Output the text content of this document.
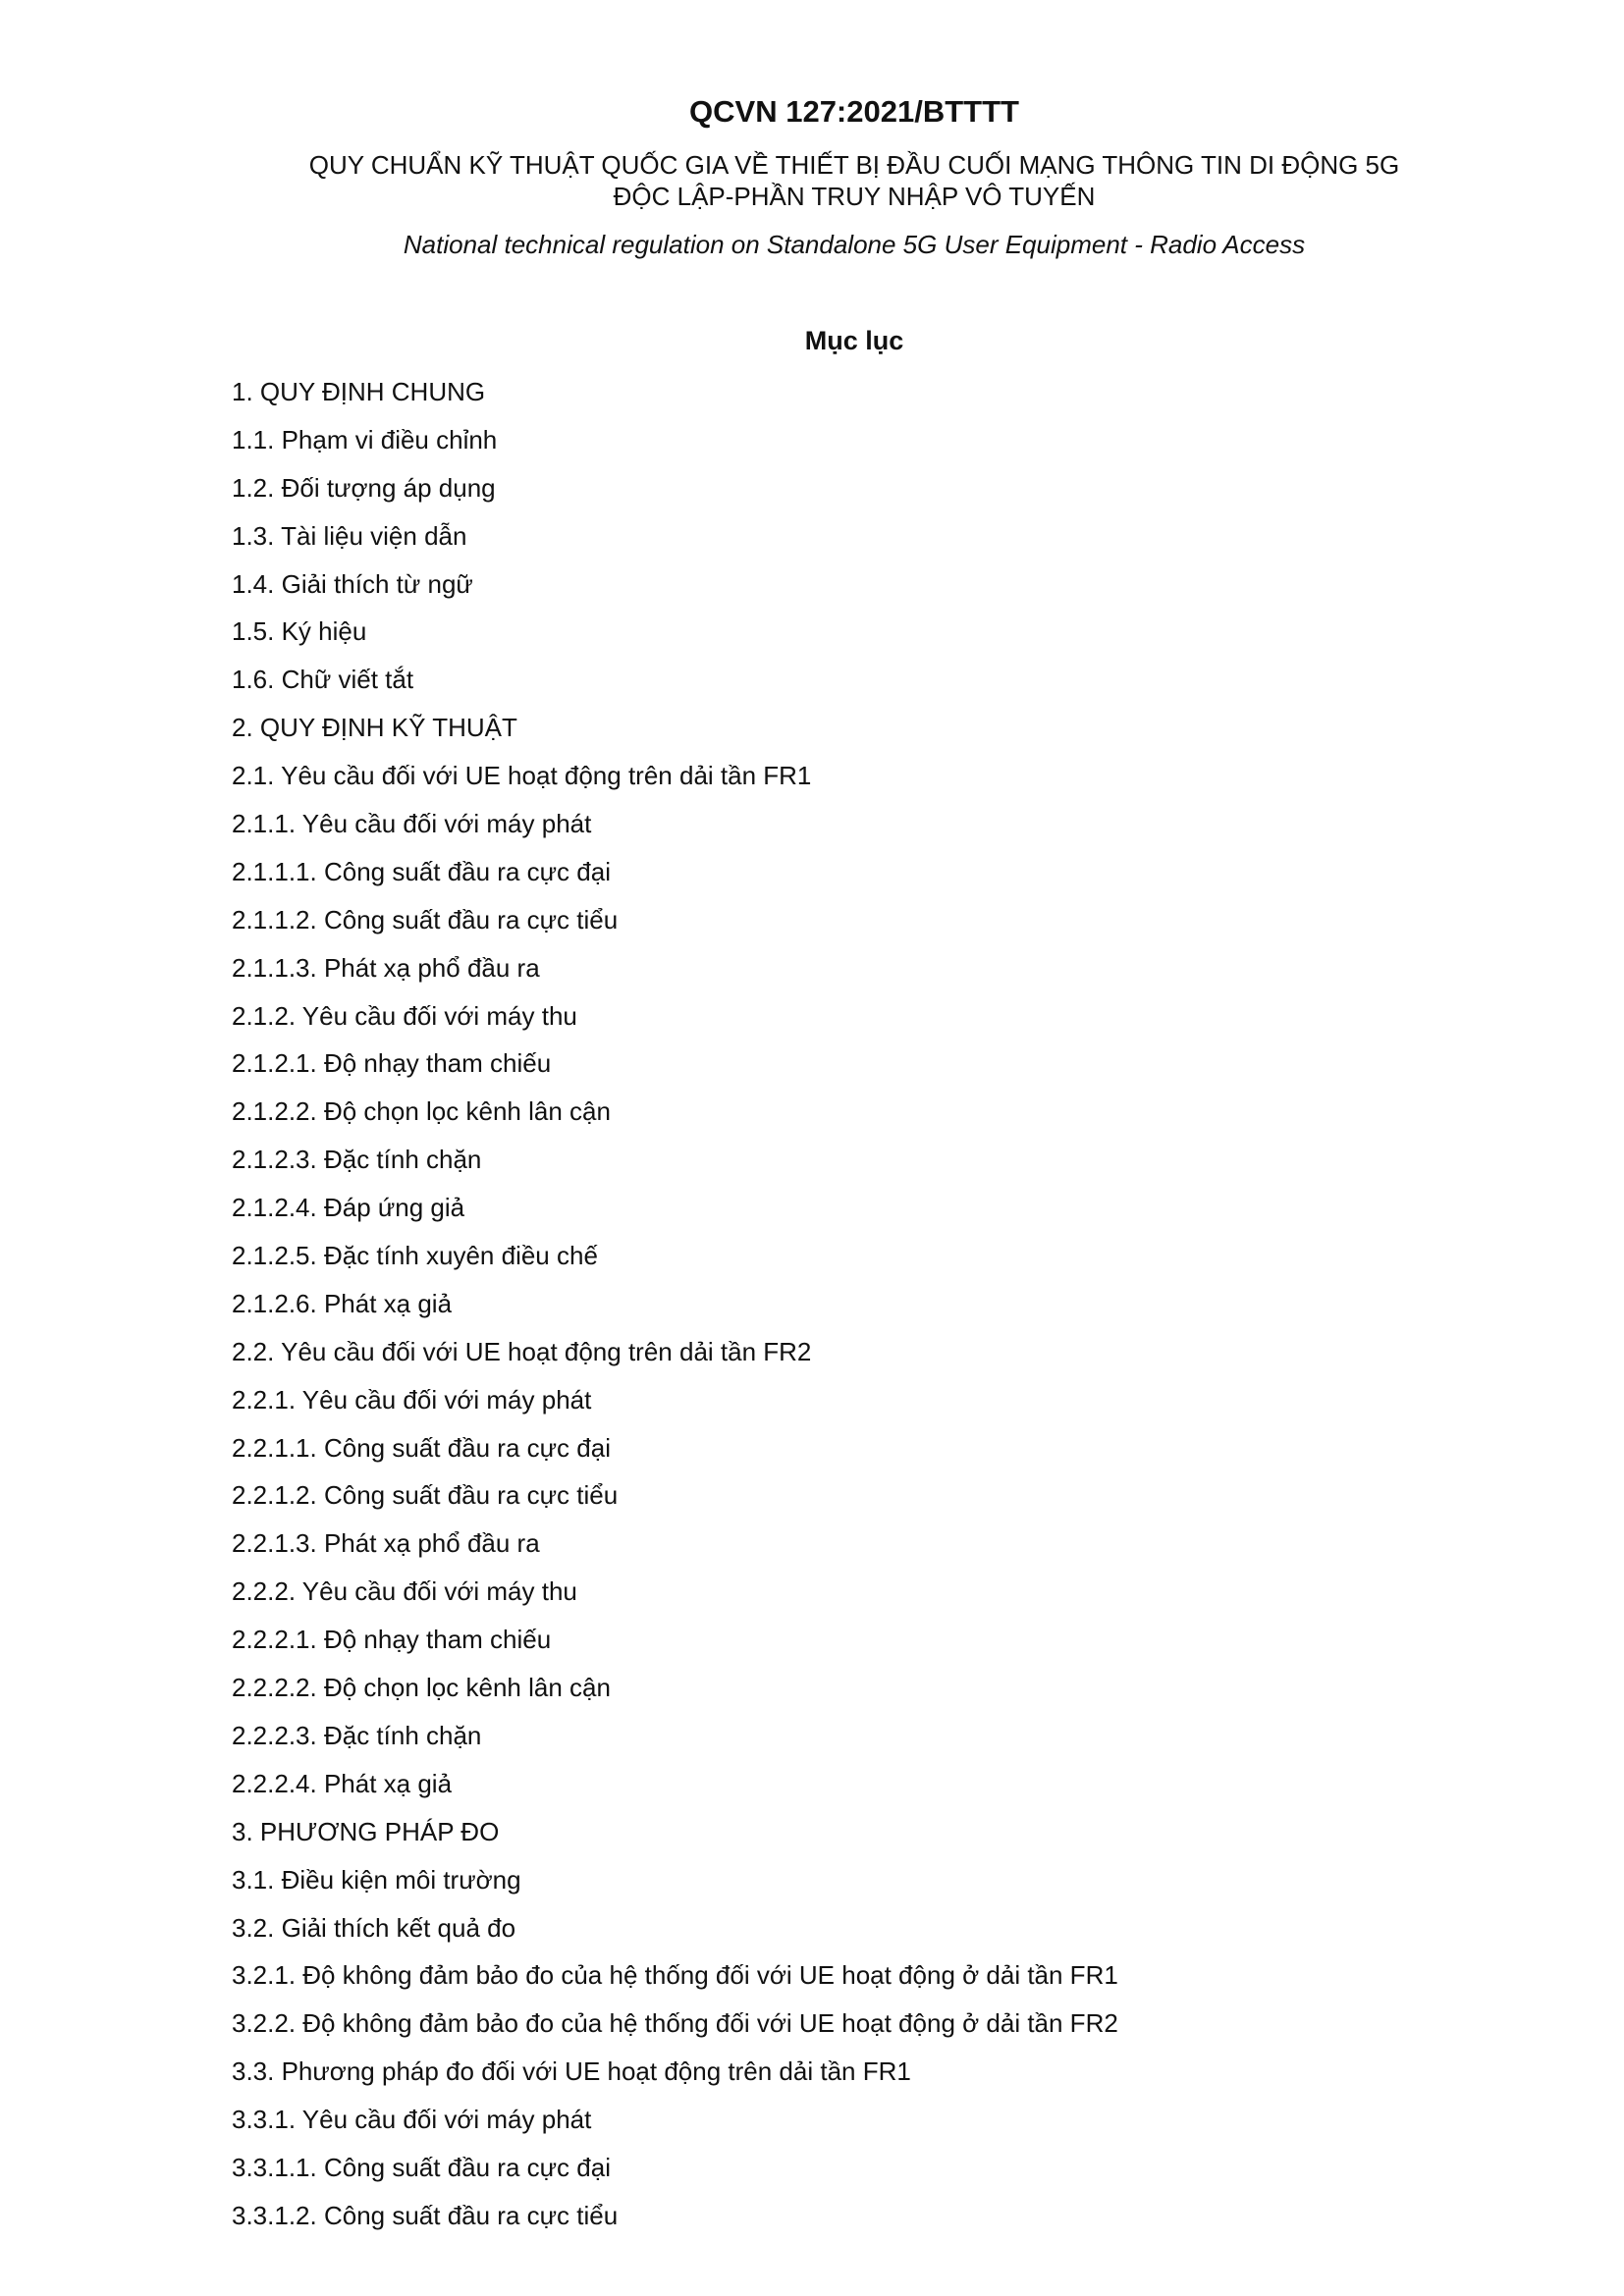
QCVN 127:2021/BTTTT
QUY CHUẨN KỸ THUẬT QUỐC GIA VỀ THIẾT BỊ ĐẦU CUỐI MẠNG THÔNG TIN DI ĐỘNG 5G
ĐỘC LẬP-PHẦN TRUY NHẬP VÔ TUYẾN
National technical regulation on Standalone 5G User Equipment - Radio Access
Mục lục
1. QUY ĐỊNH CHUNG
1.1. Phạm vi điều chỉnh
1.2. Đối tượng áp dụng
1.3. Tài liệu viện dẫn
1.4. Giải thích từ ngữ
1.5. Ký hiệu
1.6. Chữ viết tắt
2. QUY ĐỊNH KỸ THUẬT
2.1. Yêu cầu đối với UE hoạt động trên dải tần FR1
2.1.1. Yêu cầu đối với máy phát
2.1.1.1. Công suất đầu ra cực đại
2.1.1.2. Công suất đầu ra cực tiểu
2.1.1.3. Phát xạ phổ đầu ra
2.1.2. Yêu cầu đối với máy thu
2.1.2.1. Độ nhạy tham chiếu
2.1.2.2. Độ chọn lọc kênh lân cận
2.1.2.3. Đặc tính chặn
2.1.2.4. Đáp ứng giả
2.1.2.5. Đặc tính xuyên điều chế
2.1.2.6. Phát xạ giả
2.2. Yêu cầu đối với UE hoạt động trên dải tần FR2
2.2.1. Yêu cầu đối với máy phát
2.2.1.1. Công suất đầu ra cực đại
2.2.1.2. Công suất đầu ra cực tiểu
2.2.1.3. Phát xạ phổ đầu ra
2.2.2. Yêu cầu đối với máy thu
2.2.2.1. Độ nhạy tham chiếu
2.2.2.2. Độ chọn lọc kênh lân cận
2.2.2.3. Đặc tính chặn
2.2.2.4. Phát xạ giả
3. PHƯƠNG PHÁP ĐO
3.1. Điều kiện môi trường
3.2. Giải thích kết quả đo
3.2.1. Độ không đảm bảo đo của hệ thống đối với UE hoạt động ở dải tần FR1
3.2.2. Độ không đảm bảo đo của hệ thống đối với UE hoạt động ở dải tần FR2
3.3. Phương pháp đo đối với UE hoạt động trên dải tần FR1
3.3.1. Yêu cầu đối với máy phát
3.3.1.1. Công suất đầu ra cực đại
3.3.1.2. Công suất đầu ra cực tiểu
